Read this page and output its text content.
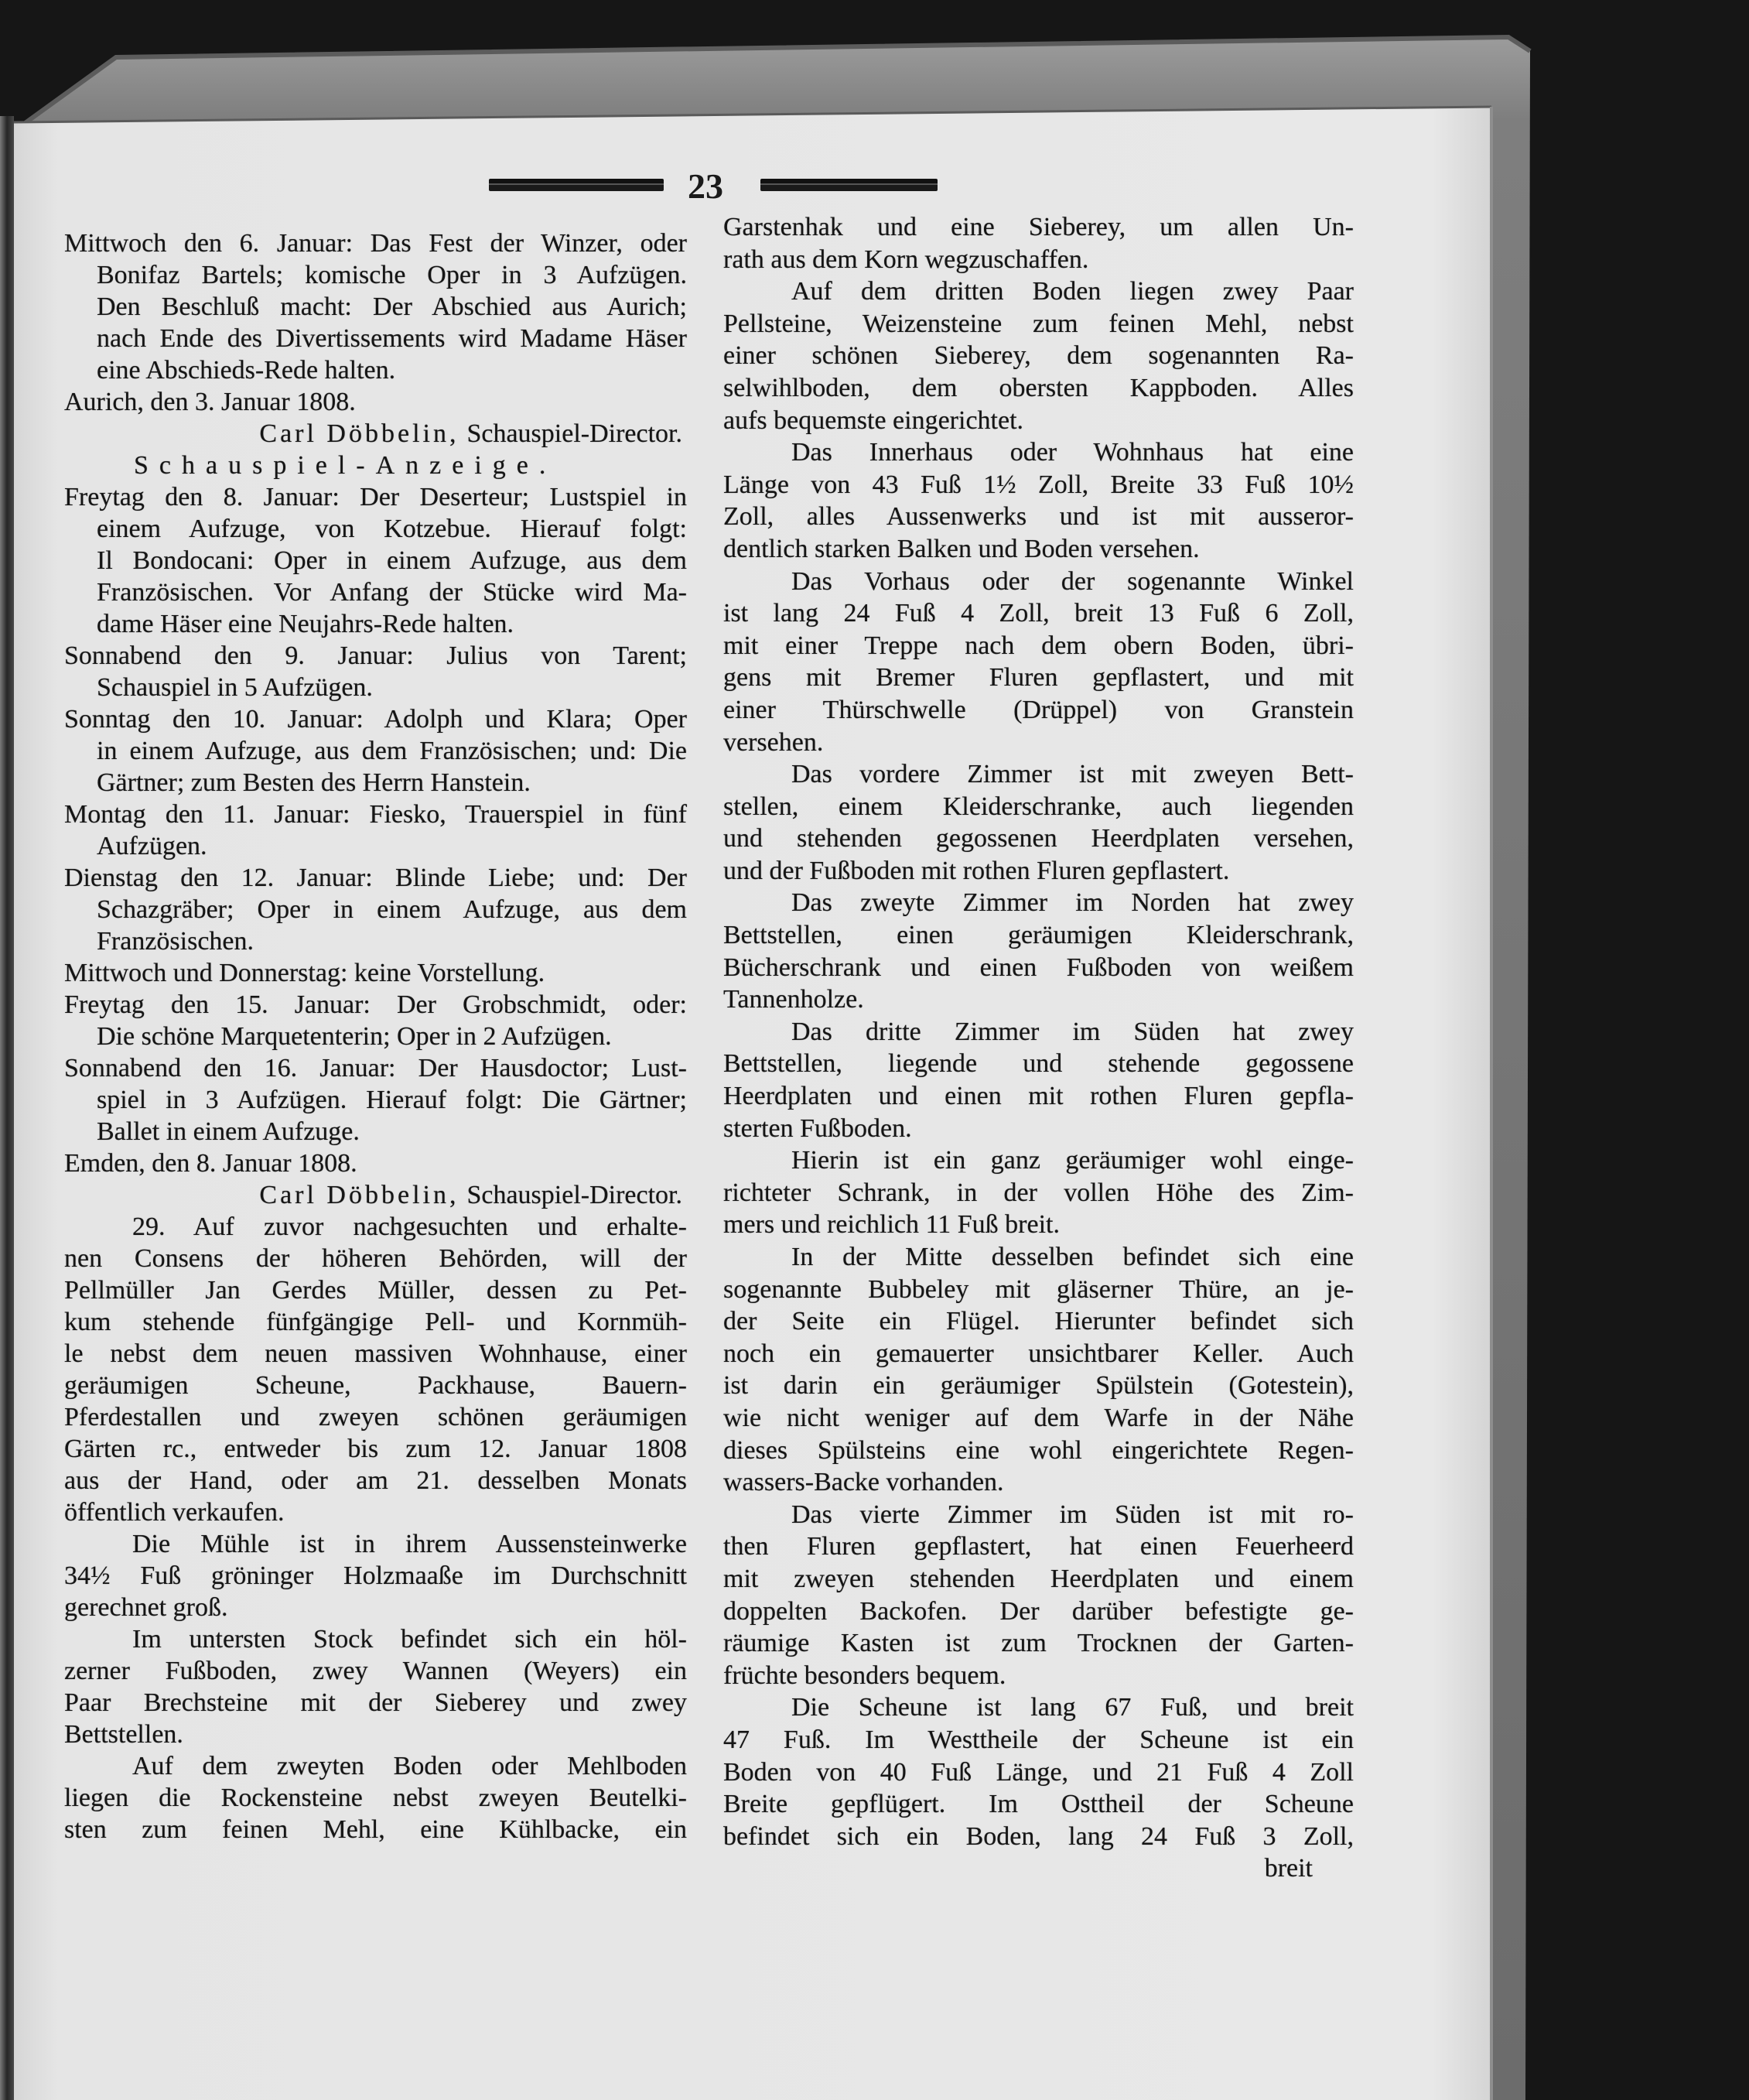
23
Mittwoch den 6. Januar: Das Fest der Winzer, oder
Bonifaz Bartels; komische Oper in 3 Aufzügen.
Den Beschluß macht: Der Abschied aus Aurich;
nach Ende des Divertissements wird Madame Häser
eine Abschieds-Rede halten.
Aurich, den 3. Januar 1808.
Carl Döbbelin, Schauspiel-Director.
Schauspiel-Anzeige.
Freytag den 8. Januar: Der Deserteur; Lustspiel in
einem Aufzuge, von Kotzebue. Hierauf folgt:
Il Bondocani: Oper in einem Aufzuge, aus dem
Französischen. Vor Anfang der Stücke wird Ma-
dame Häser eine Neujahrs-Rede halten.
Sonnabend den 9. Januar: Julius von Tarent;
Schauspiel in 5 Aufzügen.
Sonntag den 10. Januar: Adolph und Klara; Oper
in einem Aufzuge, aus dem Französischen; und: Die
Gärtner; zum Besten des Herrn Hanstein.
Montag den 11. Januar: Fiesko, Trauerspiel in fünf
Aufzügen.
Dienstag den 12. Januar: Blinde Liebe; und: Der
Schazgräber; Oper in einem Aufzuge, aus dem
Französischen.
Mittwoch und Donnerstag: keine Vorstellung.
Freytag den 15. Januar: Der Grobschmidt, oder:
Die schöne Marquetenterin; Oper in 2 Aufzügen.
Sonnabend den 16. Januar: Der Hausdoctor; Lust-
spiel in 3 Aufzügen. Hierauf folgt: Die Gärtner;
Ballet in einem Aufzuge.
Emden, den 8. Januar 1808.
Carl Döbbelin, Schauspiel-Director.
29. Auf zuvor nachgesuchten und erhalte-
nen Consens der höheren Behörden, will der
Pellmüller Jan Gerdes Müller, dessen zu Pet-
kum stehende fünfgängige Pell- und Kornmüh-
le nebst dem neuen massiven Wohnhause, einer
geräumigen Scheune, Packhause, Bauern-
Pferdestallen und zweyen schönen geräumigen
Gärten rc., entweder bis zum 12. Januar 1808
aus der Hand, oder am 21. desselben Monats
öffentlich verkaufen.
Die Mühle ist in ihrem Aussensteinwerke
34½ Fuß gröninger Holzmaaße im Durchschnitt
gerechnet groß.
Im untersten Stock befindet sich ein höl-
zerner Fußboden, zwey Wannen (Weyers) ein
Paar Brechsteine mit der Sieberey und zwey
Bettstellen.
Auf dem zweyten Boden oder Mehlboden
liegen die Rockensteine nebst zweyen Beutelki-
sten zum feinen Mehl, eine Kühlbacke, ein
Garstenhak und eine Sieberey, um allen Un-
rath aus dem Korn wegzuschaffen.
Auf dem dritten Boden liegen zwey Paar
Pellsteine, Weizensteine zum feinen Mehl, nebst
einer schönen Sieberey, dem sogenannten Ra-
selwihlboden, dem obersten Kappboden. Alles
aufs bequemste eingerichtet.
Das Innerhaus oder Wohnhaus hat eine
Länge von 43 Fuß 1½ Zoll, Breite 33 Fuß 10½
Zoll, alles Aussenwerks und ist mit ausseror-
dentlich starken Balken und Boden versehen.
Das Vorhaus oder der sogenannte Winkel
ist lang 24 Fuß 4 Zoll, breit 13 Fuß 6 Zoll,
mit einer Treppe nach dem obern Boden, übri-
gens mit Bremer Fluren gepflastert, und mit
einer Thürschwelle (Drüppel) von Granstein
versehen.
Das vordere Zimmer ist mit zweyen Bett-
stellen, einem Kleiderschranke, auch liegenden
und stehenden gegossenen Heerdplaten versehen,
und der Fußboden mit rothen Fluren gepflastert.
Das zweyte Zimmer im Norden hat zwey
Bettstellen, einen geräumigen Kleiderschrank,
Bücherschrank und einen Fußboden von weißem
Tannenholze.
Das dritte Zimmer im Süden hat zwey
Bettstellen, liegende und stehende gegossene
Heerdplaten und einen mit rothen Fluren gepfla-
sterten Fußboden.
Hierin ist ein ganz geräumiger wohl einge-
richteter Schrank, in der vollen Höhe des Zim-
mers und reichlich 11 Fuß breit.
In der Mitte desselben befindet sich eine
sogenannte Bubbeley mit gläserner Thüre, an je-
der Seite ein Flügel. Hierunter befindet sich
noch ein gemauerter unsichtbarer Keller. Auch
ist darin ein geräumiger Spülstein (Gotestein),
wie nicht weniger auf dem Warfe in der Nähe
dieses Spülsteins eine wohl eingerichtete Regen-
wassers-Backe vorhanden.
Das vierte Zimmer im Süden ist mit ro-
then Fluren gepflastert, hat einen Feuerheerd
mit zweyen stehenden Heerdplaten und einem
doppelten Backofen. Der darüber befestigte ge-
räumige Kasten ist zum Trocknen der Garten-
früchte besonders bequem.
Die Scheune ist lang 67 Fuß, und breit
47 Fuß. Im Westtheile der Scheune ist ein
Boden von 40 Fuß Länge, und 21 Fuß 4 Zoll
Breite gepflügert. Im Osttheil der Scheune
befindet sich ein Boden, lang 24 Fuß 3 Zoll,
breit
